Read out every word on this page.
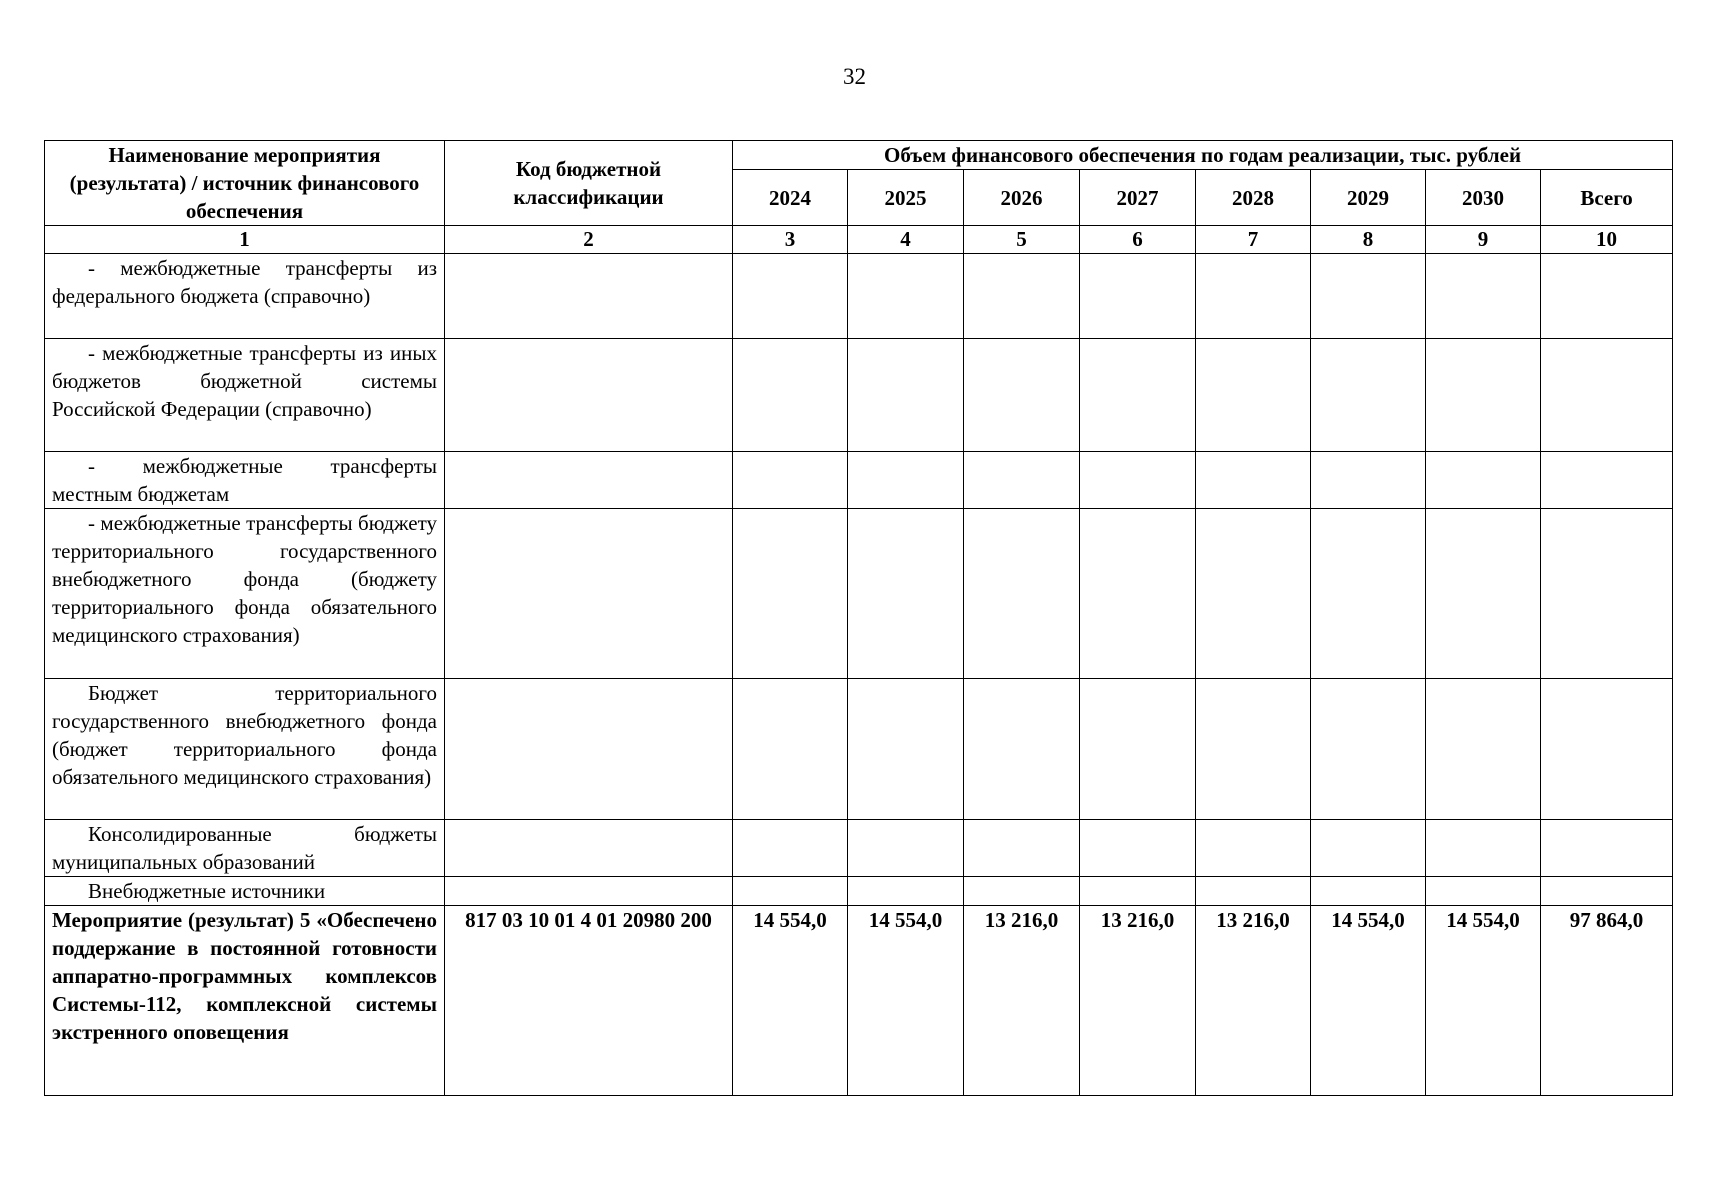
32
Наименование мероприятия (результата) / источник финансового обеспечения	Код бюджетной классификации	Объем финансового обеспечения по годам реализации, тыс. рублей							
		2024	2025	2026	2027	2028	2029	2030	Всего
1	2	3	4	5	6	7	8	9	10
- межбюджетные трансферты из федерального бюджета (справочно)									
- межбюджетные трансферты из иных бюджетов бюджетной системы Российской Федерации (справочно)									
- межбюджетные трансферты местным бюджетам									
- межбюджетные трансферты бюджету территориального государственного внебюджетного фонда (бюджету территориального фонда обязательного медицинского страхования)									
Бюджет территориального государственного внебюджетного фонда (бюджет территориального фонда обязательного медицинского страхования)									
Консолидированные бюджеты муниципальных образований									
Внебюджетные источники									
Мероприятие (результат) 5 «Обеспечено поддержание в постоянной готовности аппаратно-программных комплексов Системы-112, комплексной системы экстренного оповещения	817 03 10 01 4 01 20980 200	14 554,0	14 554,0	13 216,0	13 216,0	13 216,0	14 554,0	14 554,0	97 864,0
